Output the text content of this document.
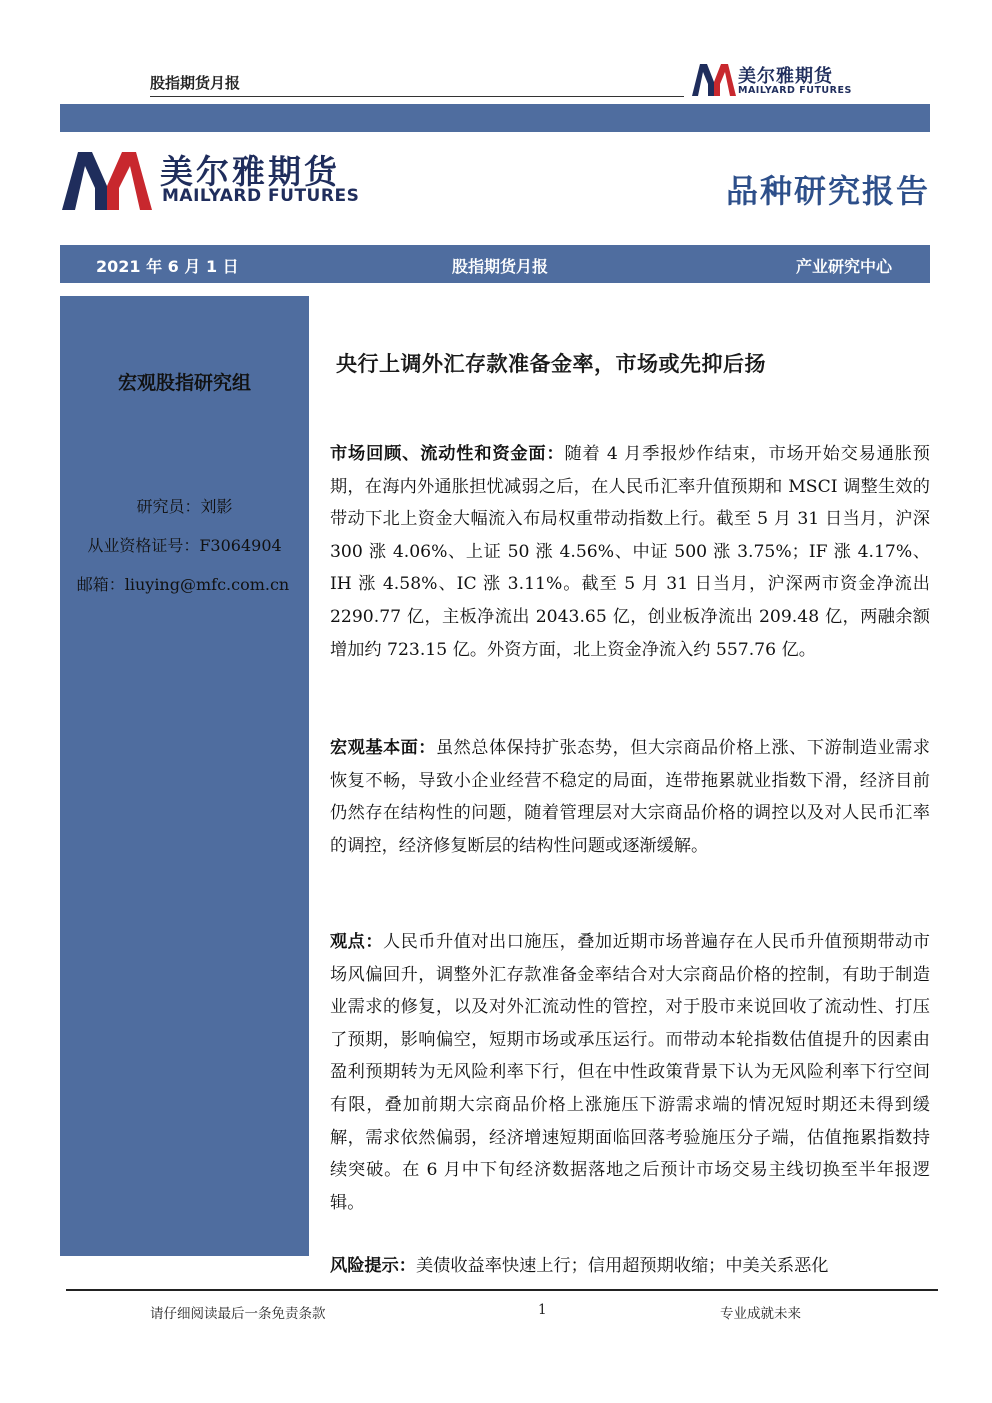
股指期货月报	美尔雅期货
MAILYARD FUTURES
美尔雅期货
MAILYARD FUTURES	品种研究报告
2021 年 6 月 1 日	股指期货月报	产业研究中心
宏观股指研究组
研究员：刘影
从业资格证号：F3064904
邮箱：liuying@mfc.com.cn
央行上调外汇存款准备金率，市场或先抑后扬
市场回顾、流动性和资金面：随着 4 月季报炒作结束，市场开始交易通胀预期，在海内外通胀担忧减弱之后，在人民币汇率升值预期和 MSCI 调整生效的带动下北上资金大幅流入布局权重带动指数上行。截至 5 月 31 日当月，沪深 300 涨 4.06%、上证 50 涨 4.56%、中证 500 涨 3.75%；IF 涨 4.17%、IH 涨 4.58%、IC 涨 3.11%。截至 5 月 31 日当月，沪深两市资金净流出 2290.77 亿，主板净流出 2043.65 亿，创业板净流出 209.48 亿，两融余额增加约 723.15 亿。外资方面，北上资金净流入约 557.76 亿。
宏观基本面：虽然总体保持扩张态势，但大宗商品价格上涨、下游制造业需求恢复不畅，导致小企业经营不稳定的局面，连带拖累就业指数下滑，经济目前仍然存在结构性的问题，随着管理层对大宗商品价格的调控以及对人民币汇率的调控，经济修复断层的结构性问题或逐渐缓解。
观点：人民币升值对出口施压，叠加近期市场普遍存在人民币升值预期带动市场风偏回升，调整外汇存款准备金率结合对大宗商品价格的控制，有助于制造业需求的修复，以及对外汇流动性的管控，对于股市来说回收了流动性、打压了预期，影响偏空，短期市场或承压运行。而带动本轮指数估值提升的因素由盈利预期转为无风险利率下行，但在中性政策背景下认为无风险利率下行空间有限，叠加前期大宗商品价格上涨施压下游需求端的情况短时期还未得到缓解，需求依然偏弱，经济增速短期面临回落考验施压分子端，估值拖累指数持续突破。在 6 月中下旬经济数据落地之后预计市场交易主线切换至半年报逻辑。
风险提示：美债收益率快速上行；信用超预期收缩；中美关系恶化
请仔细阅读最后一条免责条款	1	专业成就未来
